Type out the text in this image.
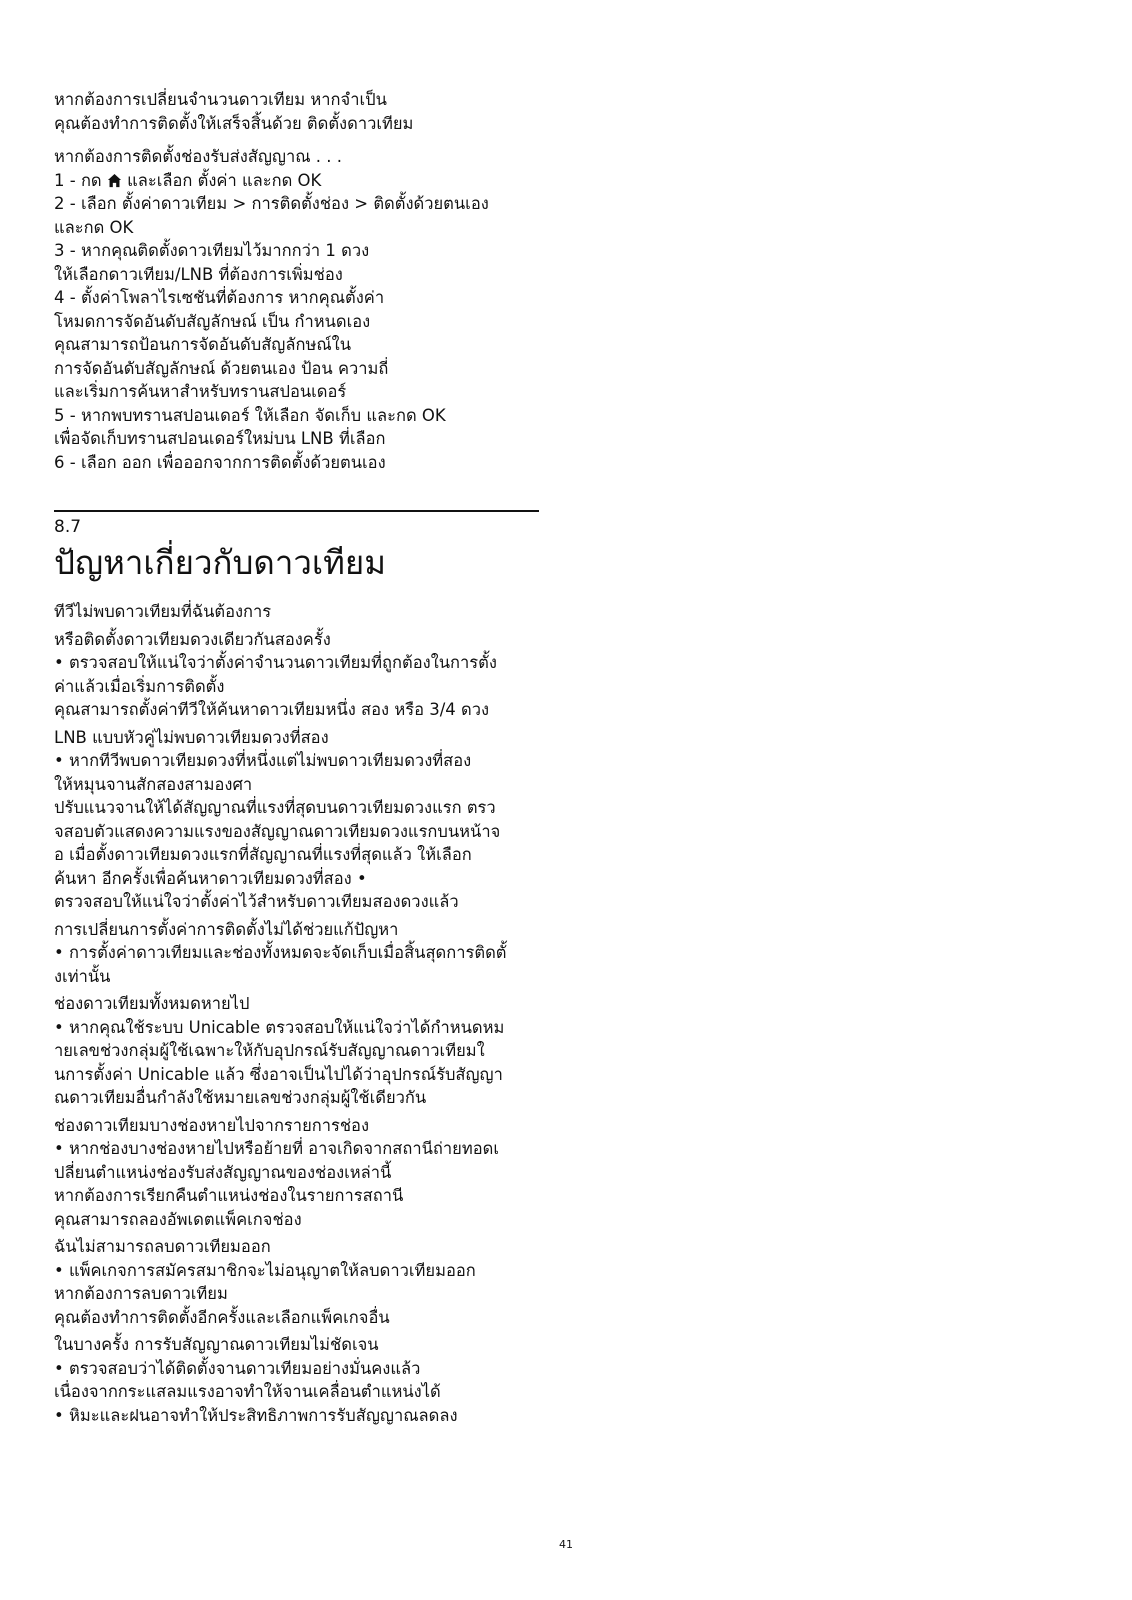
หากต้องการเปลี่ยนจำนวนดาวเทียม หากจำเป็น
คุณต้องทำการติดตั้งให้เสร็จสิ้นด้วย ติดตั้งดาวเทียม
หากต้องการติดตั้งช่องรับส่งสัญญาณ . . .
1 - กด และเลือก ตั้งค่า และกด OK
2 - เลือก ตั้งค่าดาวเทียม > การติดตั้งช่อง > ติดตั้งด้วยตนเอง
และกด OK
3 - หากคุณติดตั้งดาวเทียมไว้มากกว่า 1 ดวง
ให้เลือกดาวเทียม/LNB ที่ต้องการเพิ่มช่อง
4 - ตั้งค่าโพลาไรเซชันที่ต้องการ หากคุณตั้งค่า
โหมดการจัดอันดับสัญลักษณ์ เป็น กำหนดเอง
คุณสามารถป้อนการจัดอันดับสัญลักษณ์ใน
การจัดอันดับสัญลักษณ์ ด้วยตนเอง ป้อน ความถี่
และเริ่มการค้นหาสำหรับทรานสปอนเดอร์
5 - หากพบทรานสปอนเดอร์ ให้เลือก จัดเก็บ และกด OK
เพื่อจัดเก็บทรานสปอนเดอร์ใหม่บน LNB ที่เลือก
6 - เลือก ออก เพื่อออกจากการติดตั้งด้วยตนเอง

8.7

ปัญหาเกี่ยวกับดาวเทียม
ทีวีไม่พบดาวเทียมที่ฉันต้องการ
หรือติดตั้งดาวเทียมดวงเดียวกันสองครั้ง
• ตรวจสอบให้แน่ใจว่าตั้งค่าจำนวนดาวเทียมที่ถูกต้องในการตั้ง
ค่าแล้วเมื่อเริ่มการติดตั้ง
คุณสามารถตั้งค่าทีวีให้ค้นหาดาวเทียมหนึ่ง สอง หรือ 3/4 ดวง
LNB แบบหัวคู่ไม่พบดาวเทียมดวงที่สอง
• หากทีวีพบดาวเทียมดวงที่หนึ่งแต่ไม่พบดาวเทียมดวงที่สอง
ให้หมุนจานสักสองสามองศา
ปรับแนวจานให้ได้สัญญาณที่แรงที่สุดบนดาวเทียมดวงแรก ตรว
จสอบตัวแสดงความแรงของสัญญาณดาวเทียมดวงแรกบนหน้าจ
อ เมื่อตั้งดาวเทียมดวงแรกที่สัญญาณที่แรงที่สุดแล้ว ให้เลือก
ค้นหา อีกครั้งเพื่อค้นหาดาวเทียมดวงที่สอง •
ตรวจสอบให้แน่ใจว่าตั้งค่าไว้สำหรับดาวเทียมสองดวงแล้ว
การเปลี่ยนการตั้งค่าการติดตั้งไม่ได้ช่วยแก้ปัญหา
• การตั้งค่าดาวเทียมและช่องทั้งหมดจะจัดเก็บเมื่อสิ้นสุดการติดตั้
งเท่านั้น
ช่องดาวเทียมทั้งหมดหายไป
• หากคุณใช้ระบบ Unicable ตรวจสอบให้แน่ใจว่าได้กำหนดหม
ายเลขช่วงกลุ่มผู้ใช้เฉพาะให้กับอุปกรณ์รับสัญญาณดาวเทียมใ
นการตั้งค่า Unicable แล้ว ซึ่งอาจเป็นไปได้ว่าอุปกรณ์รับสัญญา
ณดาวเทียมอื่นกำลังใช้หมายเลขช่วงกลุ่มผู้ใช้เดียวกัน
ช่องดาวเทียมบางช่องหายไปจากรายการช่อง
• หากช่องบางช่องหายไปหรือย้ายที่ อาจเกิดจากสถานีถ่ายทอดเ
ปลี่ยนตำแหน่งช่องรับส่งสัญญาณของช่องเหล่านี้
หากต้องการเรียกคืนตำแหน่งช่องในรายการสถานี
คุณสามารถลองอัพเดตแพ็คเกจช่อง
ฉันไม่สามารถลบดาวเทียมออก
• แพ็คเกจการสมัครสมาชิกจะไม่อนุญาตให้ลบดาวเทียมออก
หากต้องการลบดาวเทียม
คุณต้องทำการติดตั้งอีกครั้งและเลือกแพ็คเกจอื่น
ในบางครั้ง การรับสัญญาณดาวเทียมไม่ชัดเจน
• ตรวจสอบว่าได้ติดตั้งจานดาวเทียมอย่างมั่นคงแล้ว
เนื่องจากกระแสลมแรงอาจทำให้จานเคลื่อนตำแหน่งได้
• หิมะและฝนอาจทำให้ประสิทธิภาพการรับสัญญาณลดลง
41
